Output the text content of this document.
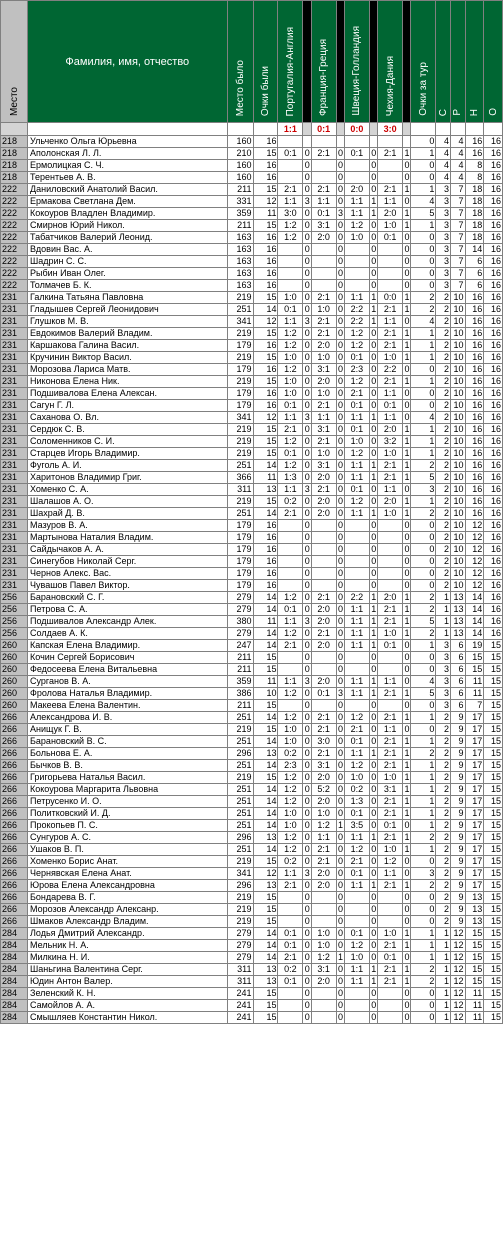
Место	Фамилия, имя, отчество	Место было	Очки были	Португалия-Англия		Франция-Греция		Швеция-Голландия		Чехия-Дания		Очки за тур	С	Р	Н	О
				1:1		0:1		0:0		3:0						
218	Ульченко Ольга Юрьевна	160	16									0	4	4	16	16
218	Аполонская Л. Л.	210	15	0:1	0	2:1	0	0:1	0	2:1	1	1	4	4	16	16
218	Ермолицкая С. Ч.	160	16		0		0		0		0	0	4	4	8	16
218	Терентьев А. В.	160	16		0		0		0		0	0	4	4	8	16
222	Даниловский Анатолий Васил.	211	15	2:1	0	2:1	0	2:0	0	2:1	1	1	3	7	18	16
222	Ермакова Светлана Дем.	331	12	1:1	3	1:1	0	1:1	1	1:1	0	4	3	7	18	16
222	Кокоуров Владлен Владимир.	359	11	3:0	0	0:1	3	1:1	1	2:0	1	5	3	7	18	16
222	Смирнов Юрий Никол.	211	15	1:2	0	3:1	0	1:2	0	1:0	1	1	3	7	18	16
222	Табатчиков Валерий Леонид.	163	16	1:2	0	2:0	0	1:0	0	0:1	0	0	3	7	18	16
222	Вдовин Вас. А.	163	16		0		0		0		0	0	3	7	14	16
222	Шадрин С. С.	163	16		0		0		0		0	0	3	7	6	16
222	Рыбин Иван Олег.	163	16		0		0		0		0	0	3	7	6	16
222	Толмачев Б. К.	163	16		0		0		0		0	0	3	7	6	16
231	Галкина Татьяна Павловна	219	15	1:0	0	2:1	0	1:1	1	0:0	1	2	2	10	16	16
231	Гладышев Сергей Леонидович	251	14	0:1	0	1:0	0	2:2	1	2:1	1	2	2	10	16	16
231	Глушков М. В.	341	12	1:1	3	2:1	0	2:2	1	1:1	0	4	2	10	16	16
231	Евдокимов Валерий Владим.	219	15	1:2	0	2:1	0	1:2	0	2:1	1	1	2	10	16	16
231	Каршакова Галина Васил.	179	16	1:2	0	2:0	0	1:2	0	2:1	1	1	2	10	16	16
231	Кручинин Виктор Васил.	219	15	1:0	0	1:0	0	0:1	0	1:0	1	1	2	10	16	16
231	Морозова Лариса Матв.	179	16	1:2	0	3:1	0	2:3	0	2:2	0	0	2	10	16	16
231	Никонова Елена Ник.	219	15	1:0	0	2:0	0	1:2	0	2:1	1	1	2	10	16	16
231	Подшивалова Елена Алексан.	179	16	1:0	0	1:0	0	2:1	0	1:1	0	0	2	10	16	16
231	Сагун Г. Л.	179	16	0:1	0	2:1	0	0:1	0	0:1	0	0	2	10	16	16
231	Саханова О. Вл.	341	12	1:1	3	1:1	0	1:1	1	1:1	0	4	2	10	16	16
231	Сердюк С. В.	219	15	2:1	0	3:1	0	0:1	0	2:0	1	1	2	10	16	16
231	Соломенников С. И.	219	15	1:2	0	2:1	0	1:0	0	3:2	1	1	2	10	16	16
231	Старцев Игорь Владимир.	219	15	0:1	0	1:0	0	1:2	0	1:0	1	1	2	10	16	16
231	Фуголь А. И.	251	14	1:2	0	3:1	0	1:1	1	2:1	1	2	2	10	16	16
231	Харитонов Владимир Григ.	366	11	1:3	0	2:0	0	1:1	1	2:1	1	5	2	10	16	16
231	Хоменко С. А.	311	13	1:1	3	2:1	0	0:1	0	1:1	0	3	2	10	16	16
231	Шалашов А. О.	219	15	0:2	0	2:0	0	1:2	0	2:0	1	1	2	10	16	16
231	Шахрай Д. В.	251	14	2:1	0	2:0	0	1:1	1	1:0	1	2	2	10	16	16
231	Мазуров В. А.	179	16		0		0		0		0	0	2	10	12	16
231	Мартынова Наталия Владим.	179	16		0		0		0		0	0	2	10	12	16
231	Сайдычаков А. А.	179	16		0		0		0		0	0	2	10	12	16
231	Синегубов Николай Серг.	179	16		0		0		0		0	0	2	10	12	16
231	Чернов Алекс. Вас.	179	16		0		0		0		0	0	2	10	12	16
231	Чувашов Павел Виктор.	179	16		0		0		0		0	0	2	10	12	16
256	Барановский С. Г.	279	14	1:2	0	2:1	0	2:2	1	2:0	1	2	1	13	14	16
256	Петрова С. А.	279	14	0:1	0	2:0	0	1:1	1	2:1	1	2	1	13	14	16
256	Подшивалов Александр Алек.	380	11	1:1	3	2:0	0	1:1	1	2:1	1	5	1	13	14	16
256	Солдаев А. К.	279	14	1:2	0	2:1	0	1:1	1	1:0	1	2	1	13	14	16
260	Капская Елена Владимир.	247	14	2:1	0	2:0	0	1:1	1	0:1	0	1	3	6	19	15
260	Кочин Сергей Борисович	211	15		0		0		0		0	0	3	6	15	15
260	Федосеева Елена Витальевна	211	15		0		0		0		0	0	3	6	15	15
260	Сурганов В. А.	359	11	1:1	3	2:0	0	1:1	1	1:1	0	4	3	6	11	15
260	Фролова Наталья Владимир.	386	10	1:2	0	0:1	3	1:1	1	2:1	1	5	3	6	11	15
260	Макеева Елена Валентин.	211	15		0		0		0		0	0	3	6	7	15
266	Александрова И. В.	251	14	1:2	0	2:1	0	1:2	0	2:1	1	1	2	9	17	15
266	Анищук Г. В.	219	15	1:0	0	2:1	0	2:1	0	1:1	0	0	2	9	17	15
266	Барановский В. С.	251	14	1:0	0	3:0	0	0:1	0	2:1	1	1	2	9	17	15
266	Больнова Е. А.	296	13	0:2	0	2:1	0	1:1	1	2:1	1	2	2	9	17	15
266	Бычков В. В.	251	14	2:3	0	3:1	0	1:2	0	2:1	1	1	2	9	17	15
266	Григорьева Наталья Васил.	219	15	1:2	0	2:0	0	1:0	0	1:0	1	1	2	9	17	15
266	Кокоурова Маргарита Львовна	251	14	1:2	0	5:2	0	0:2	0	3:1	1	1	2	9	17	15
266	Петрусенко И. О.	251	14	1:2	0	2:0	0	1:3	0	2:1	1	1	2	9	17	15
266	Политковский И. Д.	251	14	1:0	0	1:0	0	0:1	0	2:1	1	1	2	9	17	15
266	Прокопьев П. С.	251	14	1:0	0	1:2	1	3:5	0	0:1	0	1	2	9	17	15
266	Сунгуров А. С.	296	13	1:2	0	1:1	0	1:1	1	2:1	1	2	2	9	17	15
266	Ушаков В. П.	251	14	1:2	0	2:1	0	1:2	0	1:0	1	1	2	9	17	15
266	Хоменко Борис Анат.	219	15	0:2	0	2:1	0	2:1	0	1:2	0	0	2	9	17	15
266	Чернявская Елена Анат.	341	12	1:1	3	2:0	0	0:1	0	1:1	0	3	2	9	17	15
266	Юрова Елена Александровна	296	13	2:1	0	2:0	0	1:1	1	2:1	1	2	2	9	17	15
266	Бондарева В. Г.	219	15		0		0		0		0	0	2	9	13	15
266	Морозов Александр Алексанр.	219	15		0		0		0		0	0	2	9	13	15
266	Шмаков Александр Владим.	219	15		0		0		0		0	0	2	9	13	15
284	Лодья Дмитрий Александр.	279	14	0:1	0	1:0	0	0:1	0	1:0	1	1	1	12	15	15
284	Мельник Н. А.	279	14	0:1	0	1:0	0	1:2	0	2:1	1	1	1	12	15	15
284	Милкина Н. И.	279	14	2:1	0	1:2	1	1:0	0	0:1	0	1	1	12	15	15
284	Шаньгина Валентина Серг.	311	13	0:2	0	3:1	0	1:1	1	2:1	1	2	1	12	15	15
284	Юдин Антон Валер.	311	13	0:1	0	2:0	0	1:1	1	2:1	1	2	1	12	15	15
284	Зеленский К. Н.	241	15		0		0		0		0	0	1	12	11	15
284	Самойлов А. А.	241	15		0		0		0		0	0	1	12	11	15
284	Смышляев Константин Никол.	241	15		0		0		0		0	0	1	12	11	15
